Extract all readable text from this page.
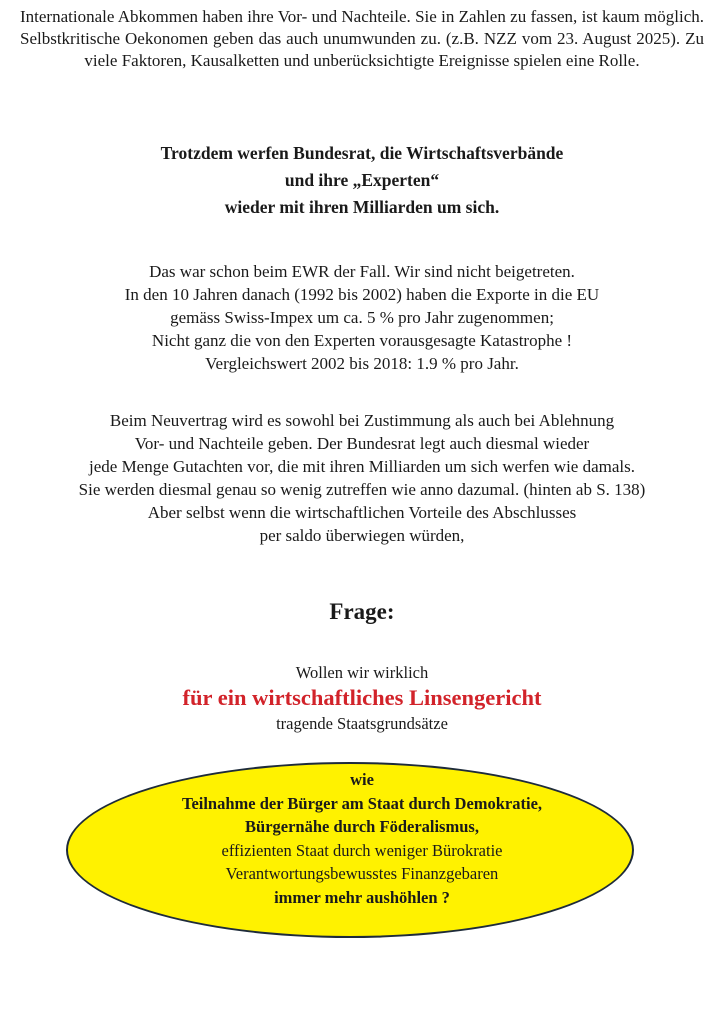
Internationale Abkommen haben ihre Vor- und Nachteile. Sie in Zahlen zu fassen, ist kaum möglich. Selbstkritische Oekonomen geben das auch unumwunden zu. (z.B. NZZ vom 23. August 2025). Zu viele Faktoren, Kausalketten und unberücksichtigte Ereignisse spielen eine Rolle.

Trotzdem werfen Bundesrat, die Wirtschaftsverbände
und ihre „Experten“
wieder mit ihren Milliarden um sich.
Das war schon beim EWR der Fall. Wir sind nicht beigetreten.
In den 10 Jahren danach (1992 bis 2002) haben die Exporte in die EU
gemäss Swiss-Impex um ca. 5 % pro Jahr zugenommen;
Nicht ganz die von den Experten vorausgesagte Katastrophe !
Vergleichswert 2002 bis 2018: 1.9 % pro Jahr.
Beim Neuvertrag wird es sowohl bei Zustimmung als auch bei Ablehnung
Vor- und Nachteile geben. Der Bundesrat legt auch diesmal wieder
jede Menge Gutachten vor, die mit ihren Milliarden um sich werfen wie damals.
Sie werden diesmal genau so wenig zutreffen wie anno dazumal. (hinten ab S. 138)
Aber selbst wenn die wirtschaftlichen Vorteile des Abschlusses
per saldo überwiegen würden,
Frage:
Wollen wir wirklich
für ein wirtschaftliches Linsengericht
tragende Staatsgrundsätze
wie
Teilnahme der Bürger am Staat durch Demokratie,
Bürgernähe durch Föderalismus,
effizienten Staat durch weniger Bürokratie
Verantwortungsbewusstes Finanzgebaren
immer mehr aushöhlen ?
